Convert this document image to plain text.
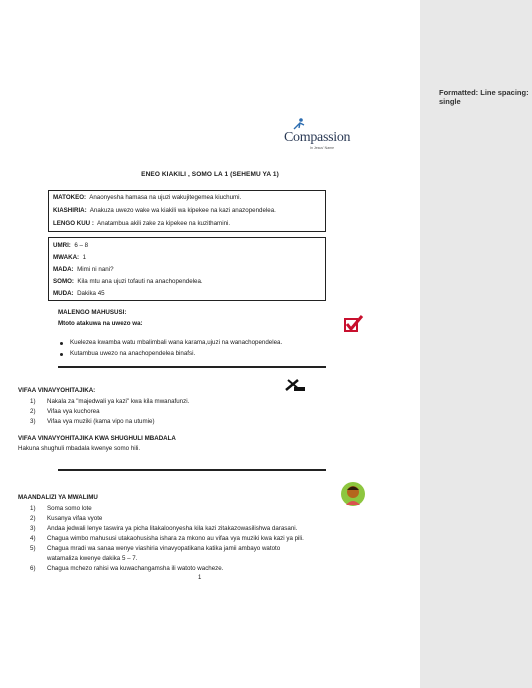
Compassion
In Jesus' Name
ENEO KIAKILI , SOMO LA 1 (SEHEMU YA 1)
MATOKEO: Anaonyesha hamasa na ujuzi wakujitegemea kiuchumi.
KIASHIRIA: Anakuza uwezo wake wa kiakili wa kipekee na kazi anazopendelea.
LENGO KUU : Anatambua akili zake za kipekee na kuzithamini.
UMRI: 6 – 8
MWAKA: 1
MADA: Mimi ni nani?
SOMO: Kila mtu ana ujuzi tofauti na anachopendelea.
MUDA: Dakika 45
MALENGO MAHUSUSI:
Mtoto atakuwa na uwezo wa:
Kuelezea kwamba watu mbalimbali wana karama,ujuzi na wanachopendelea.
Kutambua uwezo na anachopendelea binafsi.
VIFAA VINAVYOHITAJIKA:
1) Nakala za "majedwali ya kazi" kwa kila mwanafunzi.
2) Vifaa vya kuchorea
3) Vifaa vya muziki (kama vipo na utumie)
VIFAA VINAVYOHITAJIKA KWA SHUGHULI MBADALA
Hakuna shughuli mbadala kwenye somo hili.
MAANDALIZI YA MWALIMU
1) Soma somo lote
2) Kusanya vifaa vyote
3) Andaa jedwali lenye taswira ya picha litakaloonyesha kila kazi zitakazowasilishwa darasani.
4) Chagua wimbo mahususi utakaohusisha ishara za mkono au vifaa vya muziki kwa kazi ya pili.
5) Chagua mradi wa sanaa wenye viashiria vinavyopatikana katika jamii ambayo watoto
watamaliza kwenye dakika 5 – 7.
6) Chagua mchezo rahisi wa kuwachangamsha ili watoto wacheze.
1
Formatted: Line spacing: single
